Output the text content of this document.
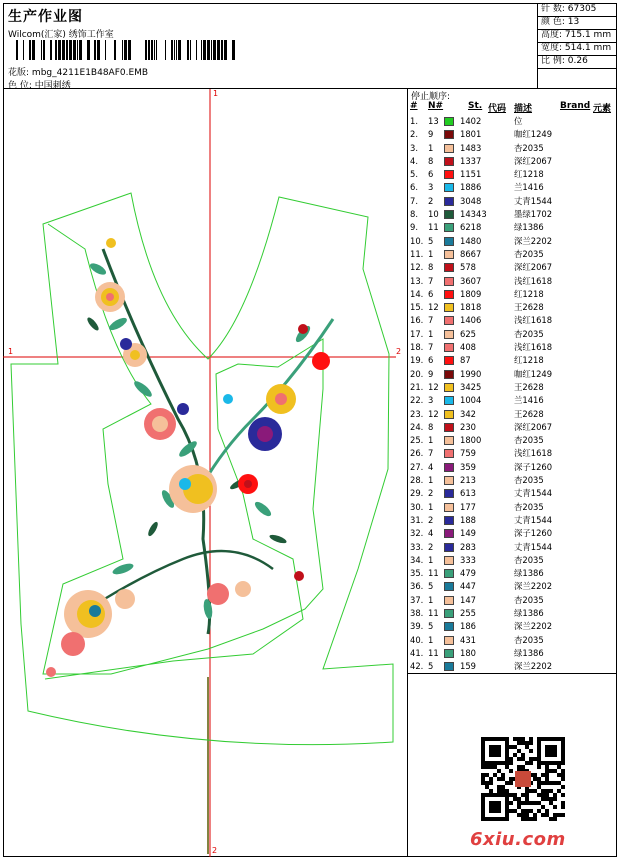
生产作业图
Wilcom(汇家) 绣饰工作室
花版: mbg_4211E1B48AF0.EMB
色 位: 中国刺绣
针 数: 67305
颜 色: 13
高度: 715.1 mm
宽度: 514.1 mm
比 例: 0.26
1
1	2
2
停止顺序:
# N#	St. 代码 描述	Brand 元素
1. 13	1402	位
2. 9	1801	咖红1249
3. 1	1483	杏2035
4. 8	1337	深红2067
5. 6	1151	红1218
6. 3	1886	兰1416
7. 2	3048	丈青1544
8. 10	14343	墨绿1702
9. 11	6218	绿1386
10. 5	1480	深兰2202
11. 1	8667	杏2035
12. 8	578	深红2067
13. 7	3607	浅红1618
14. 6	1809	红1218
15. 12	1818	王2628
16. 7	1406	浅红1618
17. 1	625	杏2035
18. 7	408	浅红1618
19. 6	87	红1218
20. 9	1990	咖红1249
21. 12	3425	王2628
22. 3	1004	兰1416
23. 12	342	王2628
24. 8	230	深红2067
25. 1	1800	杏2035
26. 7	759	浅红1618
27. 4	359	深子1260
28. 1	213	杏2035
29. 2	613	丈青1544
30. 1	177	杏2035
31. 2	188	丈青1544
32. 4	149	深子1260
33. 2	283	丈青1544
34. 1	333	杏2035
35. 11	479	绿1386
36. 5	447	深兰2202
37. 1	147	杏2035
38. 11	255	绿1386
39. 5	186	深兰2202
40. 1	431	杏2035
41. 11	180	绿1386
42. 5	159	深兰2202
6xiu.com
